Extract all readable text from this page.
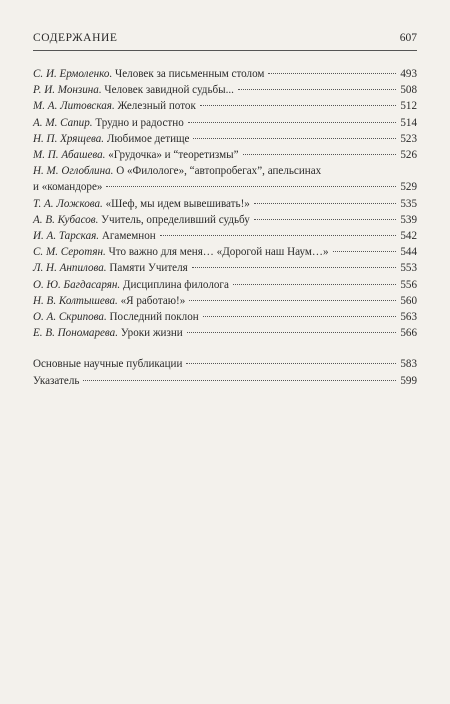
СОДЕРЖАНИЕ	607
С. И. Ермоленко. Человек за письменным столом	493
Р. И. Монзина. Человек завидной судьбы...	508
М. А. Литовская. Железный поток	512
А. М. Сапир. Трудно и радостно	514
Н. П. Хрящева. Любимое детище	523
М. П. Абашева. «Грудочка» и “теоретизмы”	526
Н. М. Оглоблина. О «Филологе», “автопробегах”, апельсинах
и «командоре»	529
Т. А. Ложкова. «Шеф, мы идем вывешивать!»	535
А. В. Кубасов. Учитель, определивший судьбу	539
И. А. Тарская. Агамемнон	542
С. М. Серотян. Что важно для меня… «Дорогой наш Наум…»	544
Л. Н. Анпилова. Памяти Учителя	553
О. Ю. Багдасарян. Дисциплина филолога	556
Н. В. Колтышева. «Я работаю!»	560
О. А. Скрипова. Последний поклон	563
Е. В. Пономарева. Уроки жизни	566
Основные научные публикации	583
Указатель	599
